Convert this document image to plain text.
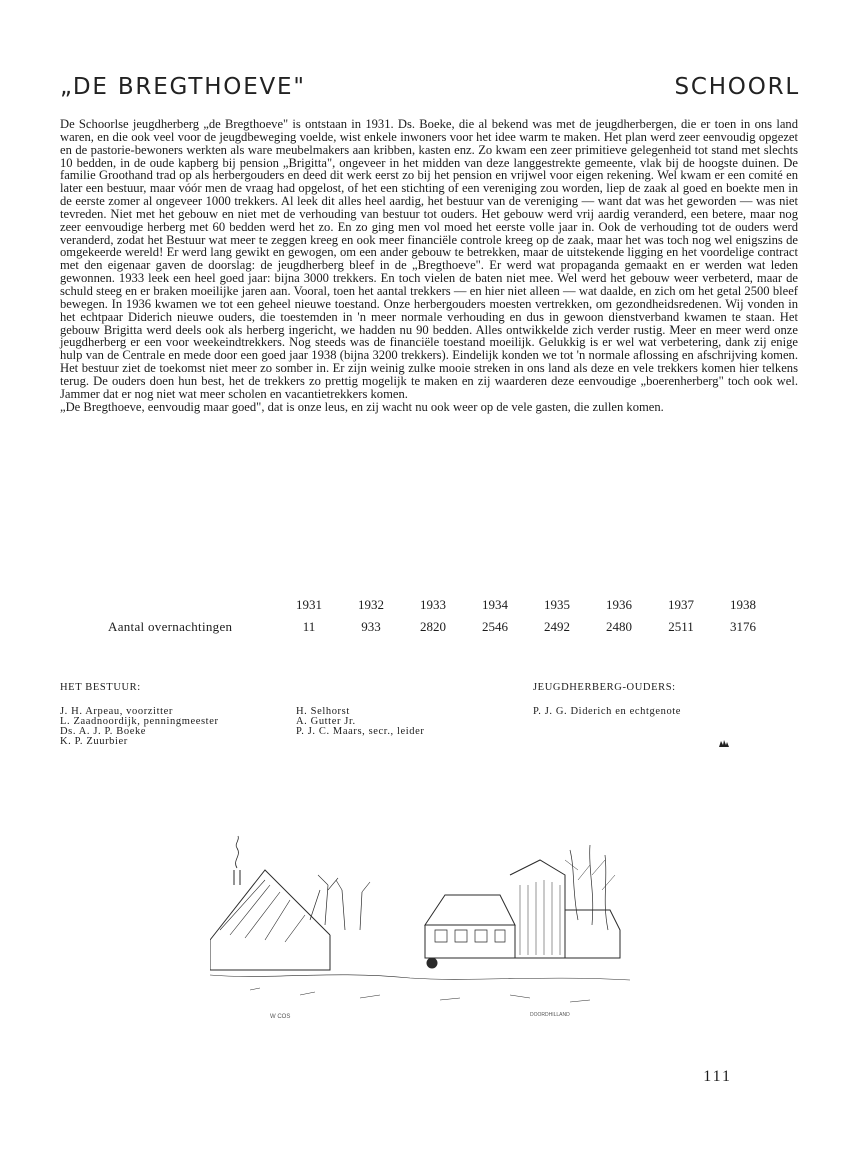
„DE BREGTHOEVE"	SCHOORL

De Schoorlse jeugdherberg „de Bregthoeve" is ontstaan in 1931. Ds. Boeke, die al bekend was met de jeugdherbergen, die er toen in ons land waren, en die ook veel voor de jeugdbeweging voelde, wist enkele inwoners voor het idee warm te maken. Het plan werd zeer eenvoudig opgezet en de pastorie-bewoners werkten als ware meubelmakers aan kribben, kasten enz. Zo kwam een zeer primitieve gelegenheid tot stand met slechts 10 bedden, in de oude kapberg bij pension „Brigitta", ongeveer in het midden van deze langgestrekte gemeente, vlak bij de hoogste duinen. De familie Groothand trad op als herbergouders en deed dit werk eerst zo bij het pension en vrijwel voor eigen rekening. Wel kwam er een comité en later een bestuur, maar vóór men de vraag had opgelost, of het een stichting of een vereniging zou worden, liep de zaak al goed en boekte men in de eerste zomer al ongeveer 1000 trekkers. Al leek dit alles heel aardig, het bestuur van de vereniging — want dat was het geworden — was niet tevreden. Niet met het gebouw en niet met de verhouding van bestuur tot ouders. Het gebouw werd vrij aardig veranderd, een betere, maar nog zeer eenvoudige herberg met 60 bedden werd het zo. En zo ging men vol moed het eerste volle jaar in. Ook de verhouding tot de ouders werd veranderd, zodat het Bestuur wat meer te zeggen kreeg en ook meer financiële controle kreeg op de zaak, maar het was toch nog wel enigszins de omgekeerde wereld! Er werd lang gewikt en gewogen, om een ander gebouw te betrekken, maar de uitstekende ligging en het voordelige contract met den eigenaar gaven de doorslag: de jeugdherberg bleef in de „Bregthoeve". Er werd wat propaganda gemaakt en er werden wat leden gewonnen. 1933 leek een heel goed jaar: bijna 3000 trekkers. En toch vielen de baten niet mee. Wel werd het gebouw weer verbeterd, maar de schuld steeg en er braken moeilijke jaren aan. Vooral, toen het aantal trekkers — en hier niet alleen — wat daalde, en zich om het getal 2500 bleef bewegen. In 1936 kwamen we tot een geheel nieuwe toestand. Onze herbergouders moesten vertrekken, om gezondheidsredenen. Wij vonden in het echtpaar Diderich nieuwe ouders, die toestemden in 'n meer normale verhouding en dus in gewoon dienstverband kwamen te staan. Het gebouw Brigitta werd deels ook als herberg ingericht, we hadden nu 90 bedden. Alles ontwikkelde zich verder rustig. Meer en meer werd onze jeugdherberg er een voor weekeindtrekkers. Nog steeds was de financiële toestand moeilijk. Gelukkig is er wel wat verbetering, dank zij enige hulp van de Centrale en mede door een goed jaar 1938 (bijna 3200 trekkers). Eindelijk konden we tot 'n normale aflossing en afschrijving komen. Het bestuur ziet de toekomst niet meer zo somber in. Er zijn weinig zulke mooie streken in ons land als deze en vele trekkers komen hier telkens terug. De ouders doen hun best, het de trekkers zo prettig mogelijk te maken en zij waarderen deze eenvoudige „boerenherberg" toch ook wel. Jammer dat er nog niet wat meer scholen en vacantietrekkers komen.

„De Bregthoeve, eenvoudig maar goed", dat is onze leus, en zij wacht nu ook weer op de vele gasten, die zullen komen.

	1931	1932	1933	1934	1935	1936	1937	1938
Aantal overnachtingen	11	933	2820	2546	2492	2480	2511	3176
HET BESTUUR:
J. H. Arpeau, voorzitter
L. Zaadnoordijk, penningmeester
Ds. A. J. P. Boeke
K. P. Zuurbier
H. Selhorst
A. Gutter Jr.
P. J. C. Maars, secr., leider
JEUGDHERBERG-OUDERS:
P. J. G. Diderich en echtgenote
W COS	DOORDHILLAND
111
